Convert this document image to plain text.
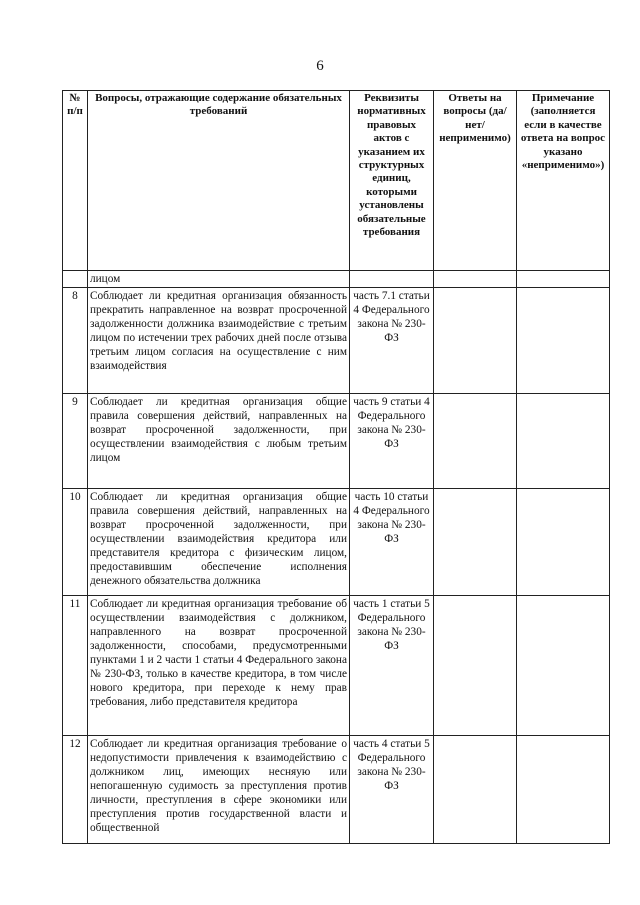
6
№ п/п	Вопросы, отражающие содержание обязательных требований	Реквизиты нормативных правовых актов с указанием их структурных единиц, которыми установлены обязательные требования	Ответы на вопросы (да/нет/ неприменимо)	Примечание (заполняется если в качестве ответа на вопрос указано «неприменимо»)
	лицом			
8	Соблюдает ли кредитная организация обязанность прекратить направленное на возврат просроченной задолженности должника взаимодействие с третьим лицом по истечении трех рабочих дней после отзыва третьим лицом согласия на осуществление с ним взаимодействия	часть 7.1 статьи 4 Федерального закона № 230-ФЗ		
9	Соблюдает ли кредитная организация общие правила совершения действий, направленных на возврат просроченной задолженности, при осуществлении взаимодействия с любым третьим лицом	часть 9 статьи 4 Федерального закона № 230-ФЗ		
10	Соблюдает ли кредитная организация общие правила совершения действий, направленных на возврат просроченной задолженности, при осуществлении взаимодействия кредитора или представителя кредитора с физическим лицом, предоставившим обеспечение исполнения денежного обязательства должника	часть 10 статьи 4 Федерального закона № 230-ФЗ		
11	Соблюдает ли кредитная организация требование об осуществлении взаимодействия с должником, направленного на возврат просроченной задолженности, способами, предусмотренными пунктами 1 и 2 части 1 статьи 4 Федерального закона № 230-ФЗ, только в качестве кредитора, в том числе нового кредитора, при переходе к нему прав требования, либо представителя кредитора	часть 1 статьи 5 Федерального закона № 230-ФЗ		
12	Соблюдает ли кредитная организация требование о недопустимости привлечения к взаимодействию с должником лиц, имеющих несняую или непогашенную судимость за преступления против личности, преступления в сфере экономики или преступления против государственной власти и общественной	часть 4 статьи 5 Федерального закона № 230-ФЗ		
